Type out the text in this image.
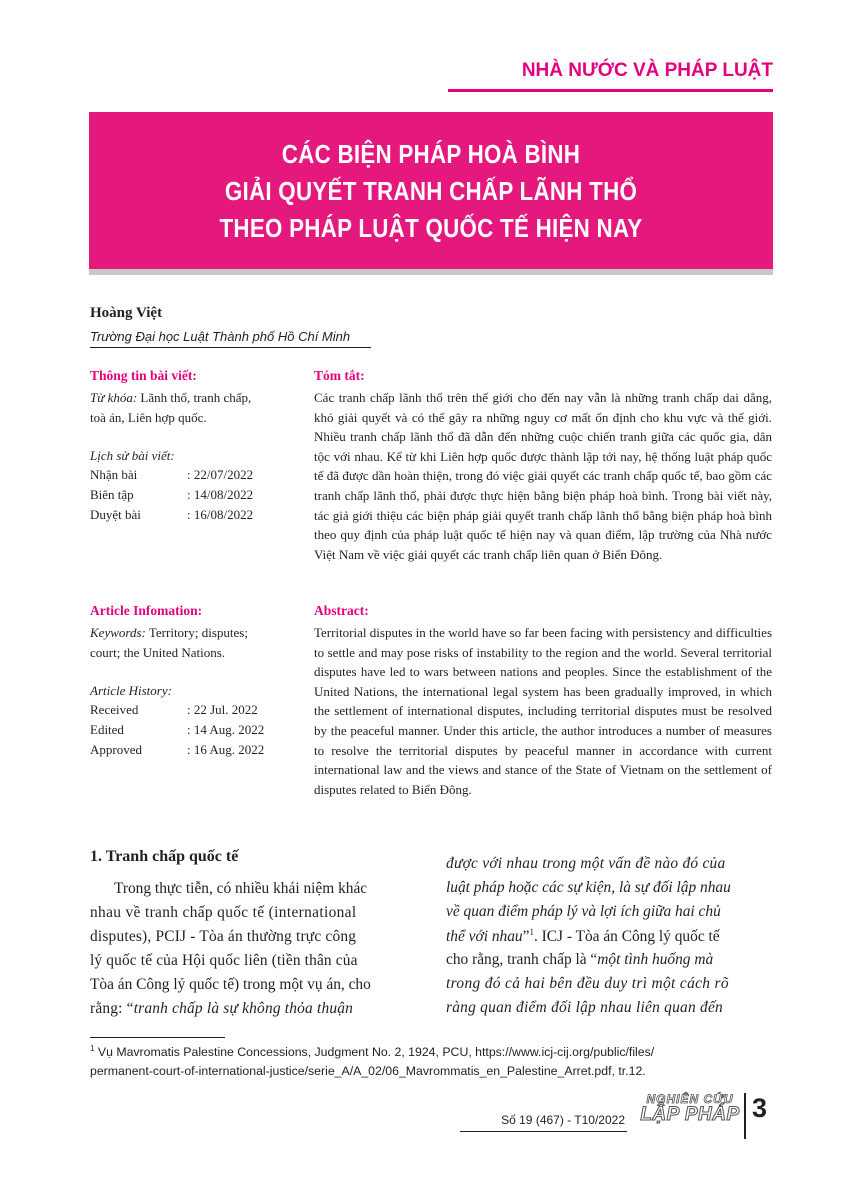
NHÀ NƯỚC VÀ PHÁP LUẬT
CÁC BIỆN PHÁP HOÀ BÌNH
GIẢI QUYẾT TRANH CHẤP LÃNH THỔ
THEO PHÁP LUẬT QUỐC TẾ HIỆN NAY
Hoàng Việt
Trường Đại học Luật Thành phố Hồ Chí Minh
Thông tin bài viết:
Từ khóa: Lãnh thổ, tranh chấp,
toà án, Liên hợp quốc.
Lịch sử bài viết:
Nhận bài	: 22/07/2022
Biên tập	: 14/08/2022
Duyệt bài	: 16/08/2022
Tóm tắt:
Các tranh chấp lãnh thổ trên thế giới cho đến nay vẫn là những tranh chấp dai dẳng, khó giải quyết và có thể gây ra những nguy cơ mất ổn định cho khu vực và thế giới. Nhiều tranh chấp lãnh thổ đã dẫn đến những cuộc chiến tranh giữa các quốc gia, dân tộc với nhau. Kể từ khi Liên hợp quốc được thành lập tới nay, hệ thống luật pháp quốc tế đã được dần hoàn thiện, trong đó việc giải quyết các tranh chấp quốc tế, bao gồm các tranh chấp lãnh thổ, phải được thực hiện bằng biện pháp hoà bình. Trong bài viết này, tác giả giới thiệu các biện pháp giải quyết tranh chấp lãnh thổ bằng biện pháp hoà bình theo quy định của pháp luật quốc tế hiện nay và quan điểm, lập trường của Nhà nước Việt Nam về việc giải quyết các tranh chấp liên quan ở Biển Đông.
Article Infomation:
Keywords: Territory; disputes;
court; the United Nations.
Article History:
Received	: 22 Jul. 2022
Edited	: 14 Aug. 2022
Approved	: 16 Aug. 2022
Abstract:
Territorial disputes in the world have so far been facing with persistency and difficulties to settle and may pose risks of instability to the region and the world. Several territorial disputes have led to wars between nations and peoples. Since the establishment of the United Nations, the international legal system has been gradually improved, in which the settlement of international disputes, including territorial disputes must be resolved by the peaceful manner. Under this article, the author introduces a number of measures to resolve the territorial disputes by peaceful manner in accordance with current international law and the views and stance of the State of Vietnam on the settlement of disputes related to Biển Đông.
1. Tranh chấp quốc tế
Trong thực tiễn, có nhiều khái niệm khác
nhau về tranh chấp quốc tế (international
disputes), PCIJ - Tòa án thường trực công
lý quốc tế của Hội quốc liên (tiền thân của
Tòa án Công lý quốc tế) trong một vụ án, cho
rằng: “tranh chấp là sự không thỏa thuận
được với nhau trong một vấn đề nào đó của
luật pháp hoặc các sự kiện, là sự đối lập nhau
về quan điểm pháp lý và lợi ích giữa hai chủ
thể với nhau”$^1$. ICJ - Tòa án Công lý quốc tế
cho rằng, tranh chấp là “một tình huống mà
trong đó cả hai bên đều duy trì một cách rõ
ràng quan điểm đối lập nhau liên quan đến
$^1$ Vụ Mavromatis Palestine Concessions, Judgment No. 2, 1924, PCU, https://www.icj-cij.org/public/files/
permanent-court-of-international-justice/serie_A/A_02/06_Mavrommatis_en_Palestine_Arret.pdf, tr.12.
Số 19 (467) - T10/2022
NGHIÊN CỨU
LẬP PHÁP 3
